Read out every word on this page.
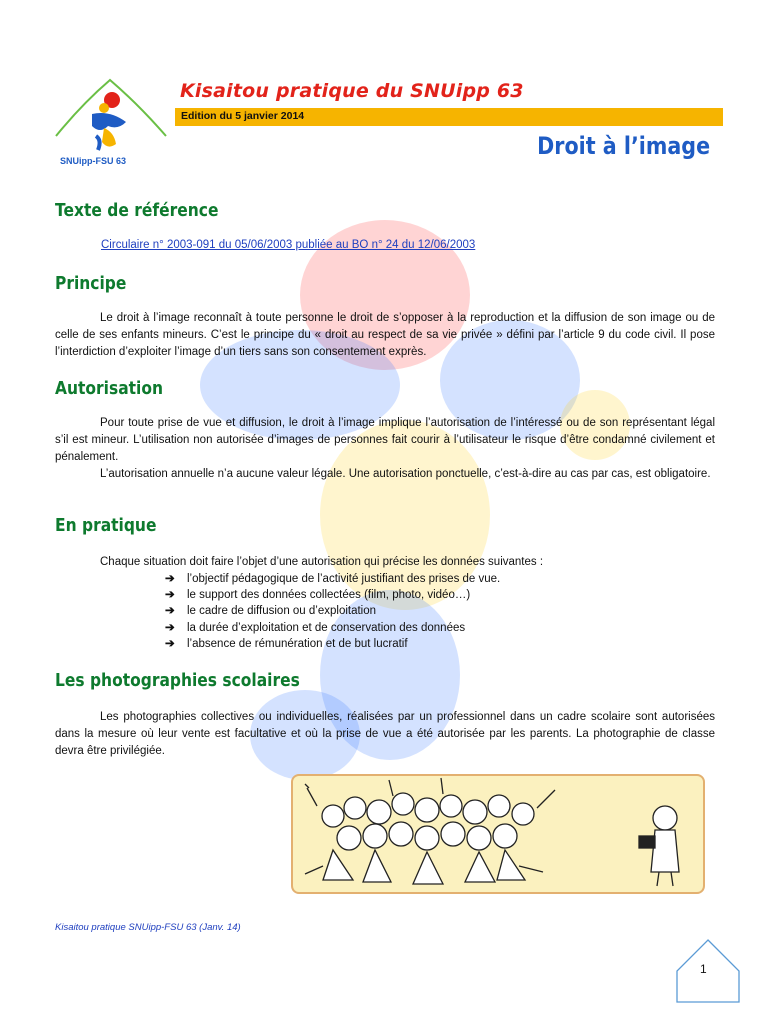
SNUipp-FSU 63
Kisaitou pratique du SNUipp 63
Edition du 5 janvier 2014
Droit à l’image
Texte de référence
Circulaire n° 2003-091 du 05/06/2003 publiée au BO n° 24 du 12/06/2003
Principe

Le droit à l’image reconnaît à toute personne le droit de s’opposer à la reproduction et la diffusion de son image ou de celle de ses enfants mineurs. C’est le principe du « droit au respect de sa vie privée » défini par l’article 9 du code civil. Il pose l’interdiction d’exploiter l’image d’un tiers sans son consentement exprès.

Autorisation

Pour toute prise de vue et diffusion, le droit à l’image implique l’autorisation de l’intéressé ou de son représentant légal s’il est mineur. L’utilisation non autorisée d’images de personnes fait courir à l’utilisateur le risque d’être condamné civilement et pénalement.

L’autorisation annuelle n’a aucune valeur légale. Une autorisation ponctuelle, c’est-à-dire au cas par cas, est obligatoire.

En pratique

Chaque situation doit faire l’objet d’une autorisation qui précise les données suivantes :

➔ l’objectif pédagogique de l’activité justifiant des prises de vue.
➔ le support des données collectées (film, photo, vidéo…)
➔ le cadre de diffusion ou d’exploitation
➔ la durée d’exploitation et de conservation des données
➔ l’absence de rémunération et de but lucratif
Les photographies scolaires

Les photographies collectives ou individuelles, réalisées par un professionnel dans un cadre scolaire sont autorisées dans la mesure où leur vente est facultative et où la prise de vue a été autorisée par les parents. La photographie de classe devra être privilégiée.

Kisaitou pratique SNUipp-FSU 63 (Janv. 14)
1
